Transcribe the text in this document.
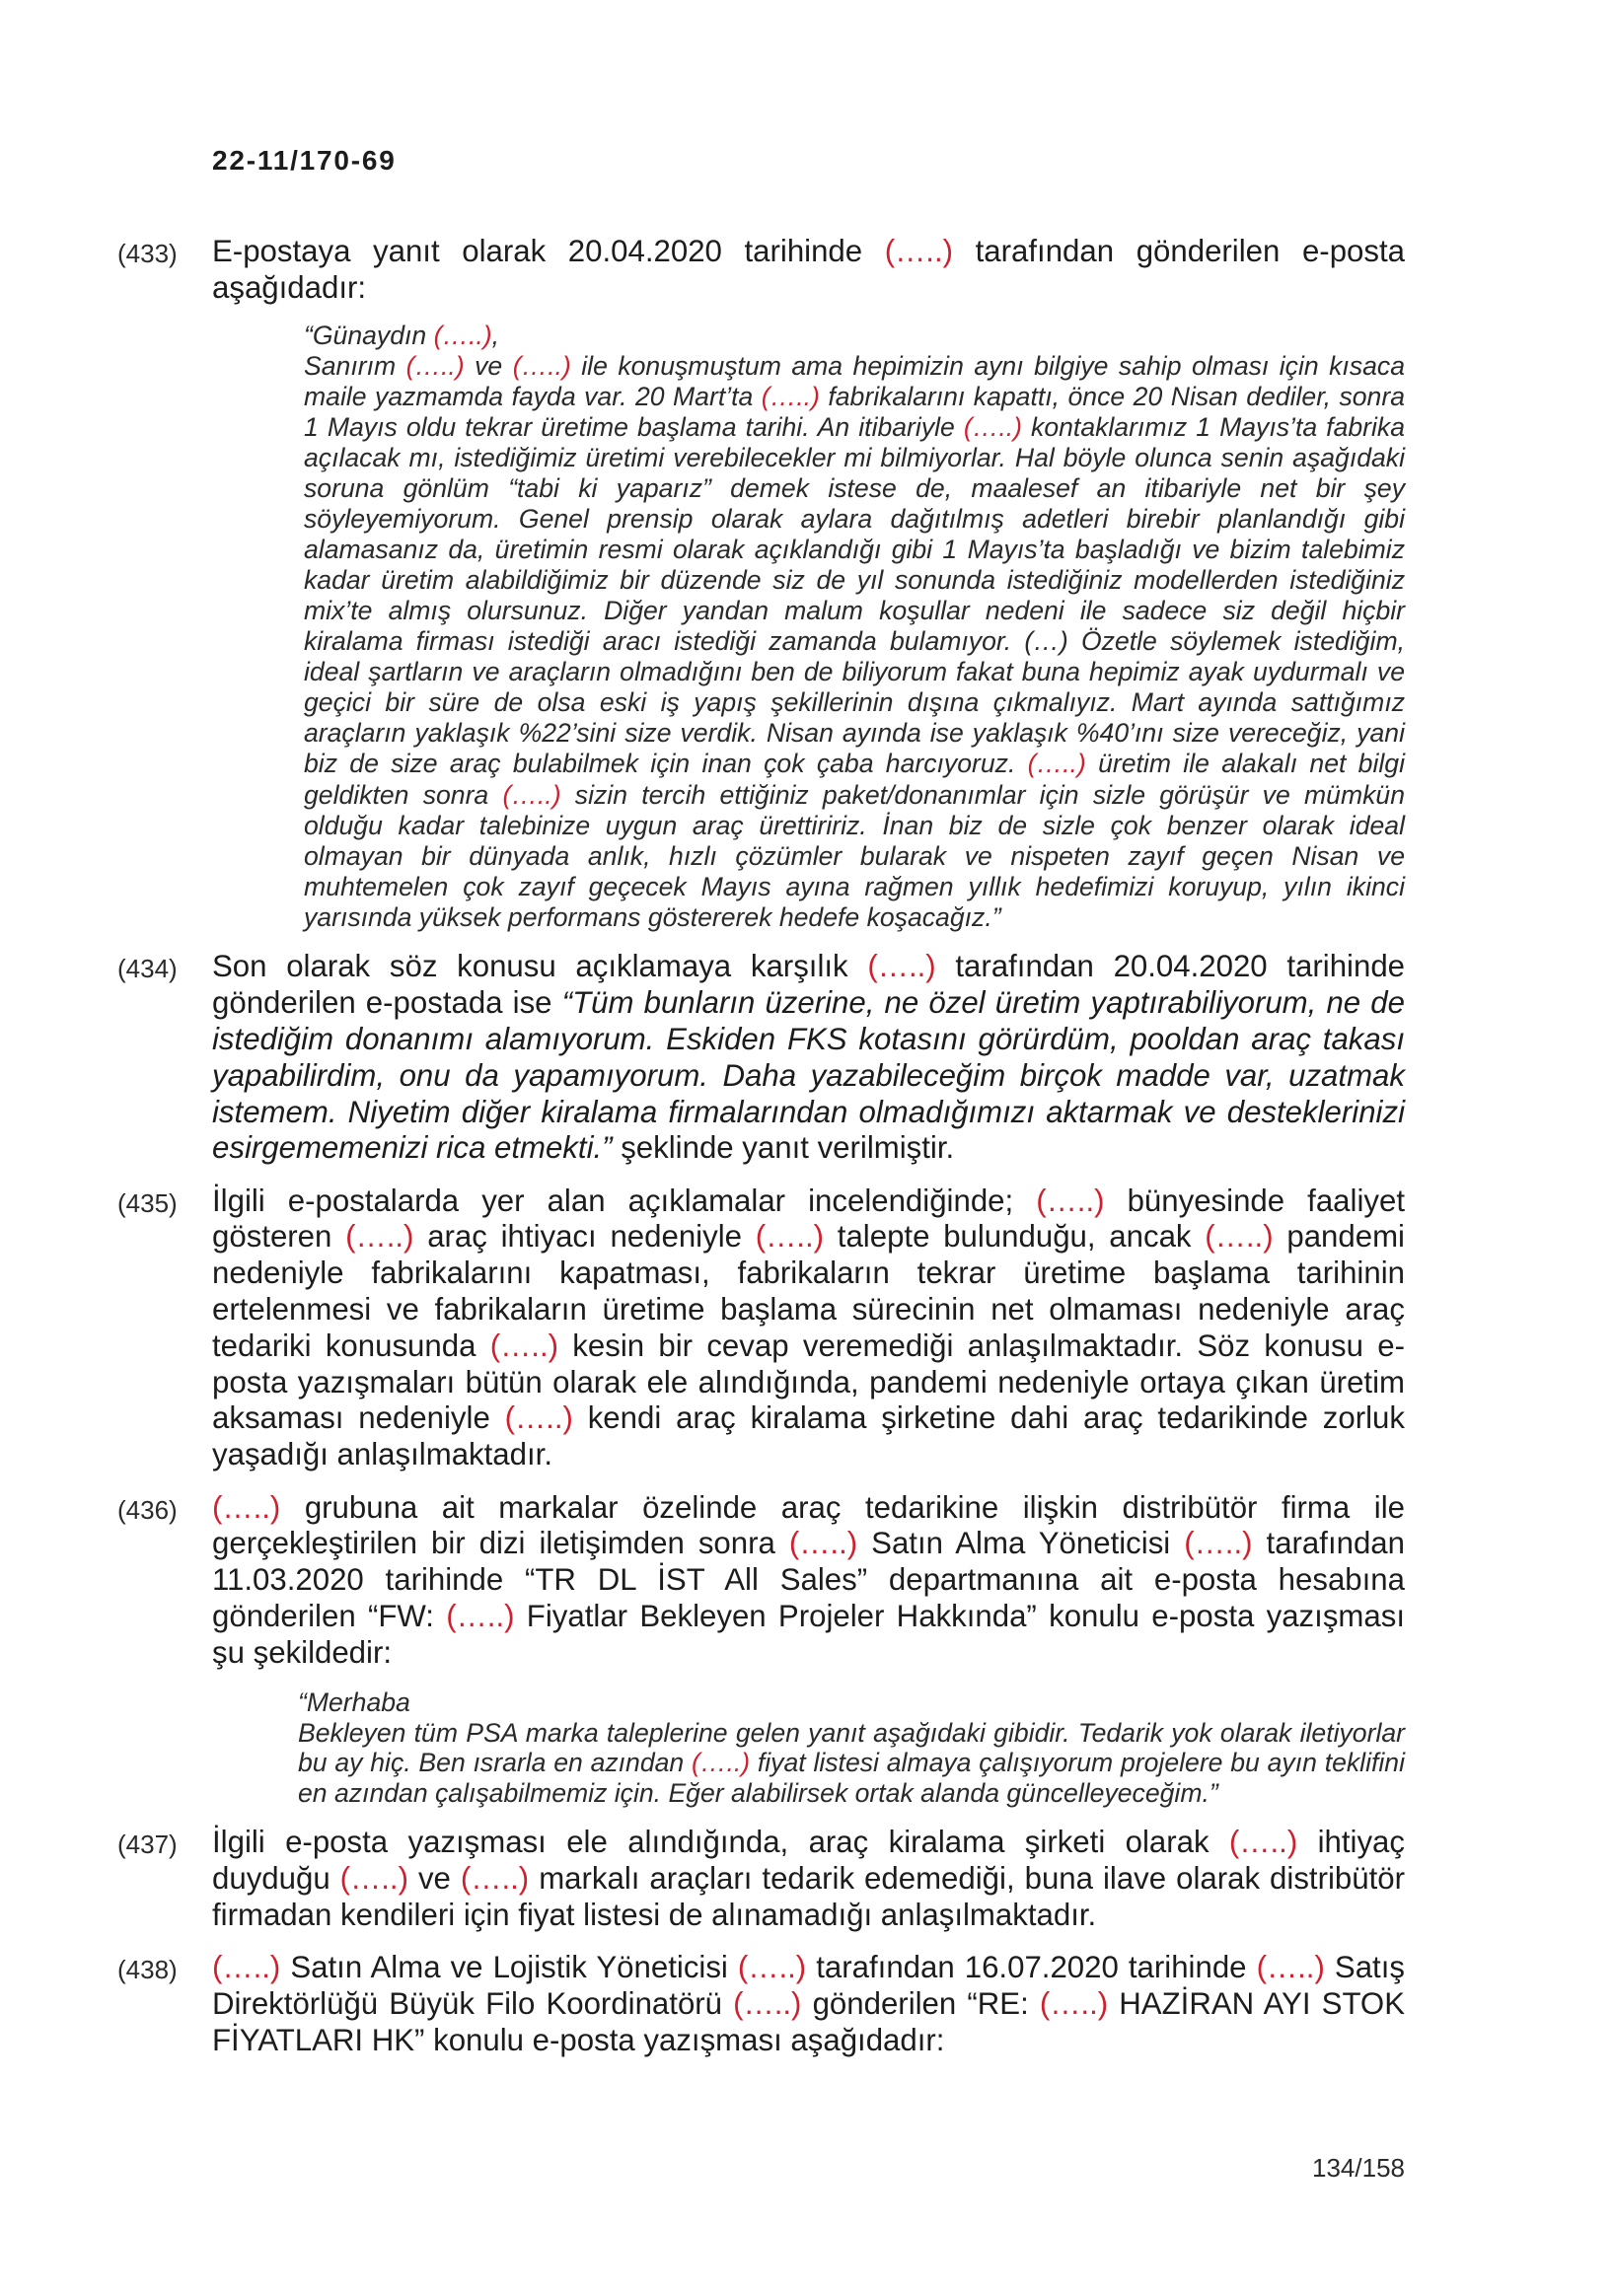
22-11/170-69
(433) E-postaya yanıt olarak 20.04.2020 tarihinde (…..) tarafından gönderilen e-posta aşağıdadır:
“Günaydın (…..),
Sanırım (…..) ve (…..) ile konuşmuştum ama hepimizin aynı bilgiye sahip olması için kısaca maile yazmamda fayda var. 20 Mart’ta (…..) fabrikalarını kapattı, önce 20 Nisan dediler, sonra 1 Mayıs oldu tekrar üretime başlama tarihi. An itibariyle (…..) kontaklarımız 1 Mayıs’ta fabrika açılacak mı, istediğimiz üretimi verebilecekler mi bilmiyorlar. Hal böyle olunca senin aşağıdaki soruna gönlüm “tabi ki yaparız” demek istese de, maalesef an itibariyle net bir şey söyleyemiyorum. Genel prensip olarak aylara dağıtılmış adetleri birebir planlandığı gibi alamasanız da, üretimin resmi olarak açıklandığı gibi 1 Mayıs’ta başladığı ve bizim talebimiz kadar üretim alabildiğimiz bir düzende siz de yıl sonunda istediğiniz modellerden istediğiniz mix’te almış olursunuz. Diğer yandan malum koşullar nedeni ile sadece siz değil hiçbir kiralama firması istediği aracı istediği zamanda bulamıyor. (…) Özetle söylemek istediğim, ideal şartların ve araçların olmadığını ben de biliyorum fakat buna hepimiz ayak uydurmalı ve geçici bir süre de olsa eski iş yapış şekillerinin dışına çıkmalıyız. Mart ayında sattığımız araçların yaklaşık %22’sini size verdik. Nisan ayında ise yaklaşık %40’ını size vereceğiz, yani biz de size araç bulabilmek için inan çok çaba harcıyoruz. (…..) üretim ile alakalı net bilgi geldikten sonra (…..) sizin tercih ettiğiniz paket/donanımlar için sizle görüşür ve mümkün olduğu kadar talebinize uygun araç ürettiririz. İnan biz de sizle çok benzer olarak ideal olmayan bir dünyada anlık, hızlı çözümler bularak ve nispeten zayıf geçen Nisan ve muhtemelen çok zayıf geçecek Mayıs ayına rağmen yıllık hedefimizi koruyup, yılın ikinci yarısında yüksek performans göstererek hedefe koşacağız.”
(434) Son olarak söz konusu açıklamaya karşılık (…..) tarafından 20.04.2020 tarihinde gönderilen e-postada ise “Tüm bunların üzerine, ne özel üretim yaptırabiliyorum, ne de istediğim donanımı alamıyorum. Eskiden FKS kotasını görürdüm, pooldan araç takası yapabilirdim, onu da yapamıyorum. Daha yazabileceğim birçok madde var, uzatmak istemem. Niyetim diğer kiralama firmalarından olmadığımızı aktarmak ve desteklerinizi esirgememenizi rica etmekti.” şeklinde yanıt verilmiştir.
(435) İlgili e-postalarda yer alan açıklamalar incelendiğinde; (…..) bünyesinde faaliyet gösteren (…..) araç ihtiyacı nedeniyle (…..) talepte bulunduğu, ancak (…..) pandemi nedeniyle fabrikalarını kapatması, fabrikaların tekrar üretime başlama tarihinin ertelenmesi ve fabrikaların üretime başlama sürecinin net olmaması nedeniyle araç tedariki konusunda (…..) kesin bir cevap veremediği anlaşılmaktadır. Söz konusu e-posta yazışmaları bütün olarak ele alındığında, pandemi nedeniyle ortaya çıkan üretim aksaması nedeniyle (…..) kendi araç kiralama şirketine dahi araç tedarikinde zorluk yaşadığı anlaşılmaktadır.
(436) (…..) grubuna ait markalar özelinde araç tedarikine ilişkin distribütör firma ile gerçekleştirilen bir dizi iletişimden sonra (…..) Satın Alma Yöneticisi (…..) tarafından 11.03.2020 tarihinde “TR DL İST All Sales” departmanına ait e-posta hesabına gönderilen “FW: (…..) Fiyatlar Bekleyen Projeler Hakkında” konulu e-posta yazışması şu şekildedir:
“Merhaba
Bekleyen tüm PSA marka taleplerine gelen yanıt aşağıdaki gibidir. Tedarik yok olarak iletiyorlar bu ay hiç. Ben ısrarla en azından (…..) fiyat listesi almaya çalışıyorum projelere bu ayın teklifini en azından çalışabilmemiz için. Eğer alabilirsek ortak alanda güncelleyeceğim.”
(437) İlgili e-posta yazışması ele alındığında, araç kiralama şirketi olarak (…..) ihtiyaç duyduğu (…..) ve (…..) markalı araçları tedarik edemediği, buna ilave olarak distribütör firmadan kendileri için fiyat listesi de alınamadığı anlaşılmaktadır.
(438) (…..) Satın Alma ve Lojistik Yöneticisi (…..) tarafından 16.07.2020 tarihinde (…..) Satış Direktörlüğü Büyük Filo Koordinatörü (…..) gönderilen “RE: (…..) HAZİRAN AYI STOK FİYATLARI HK” konulu e-posta yazışması aşağıdadır:
134/158
